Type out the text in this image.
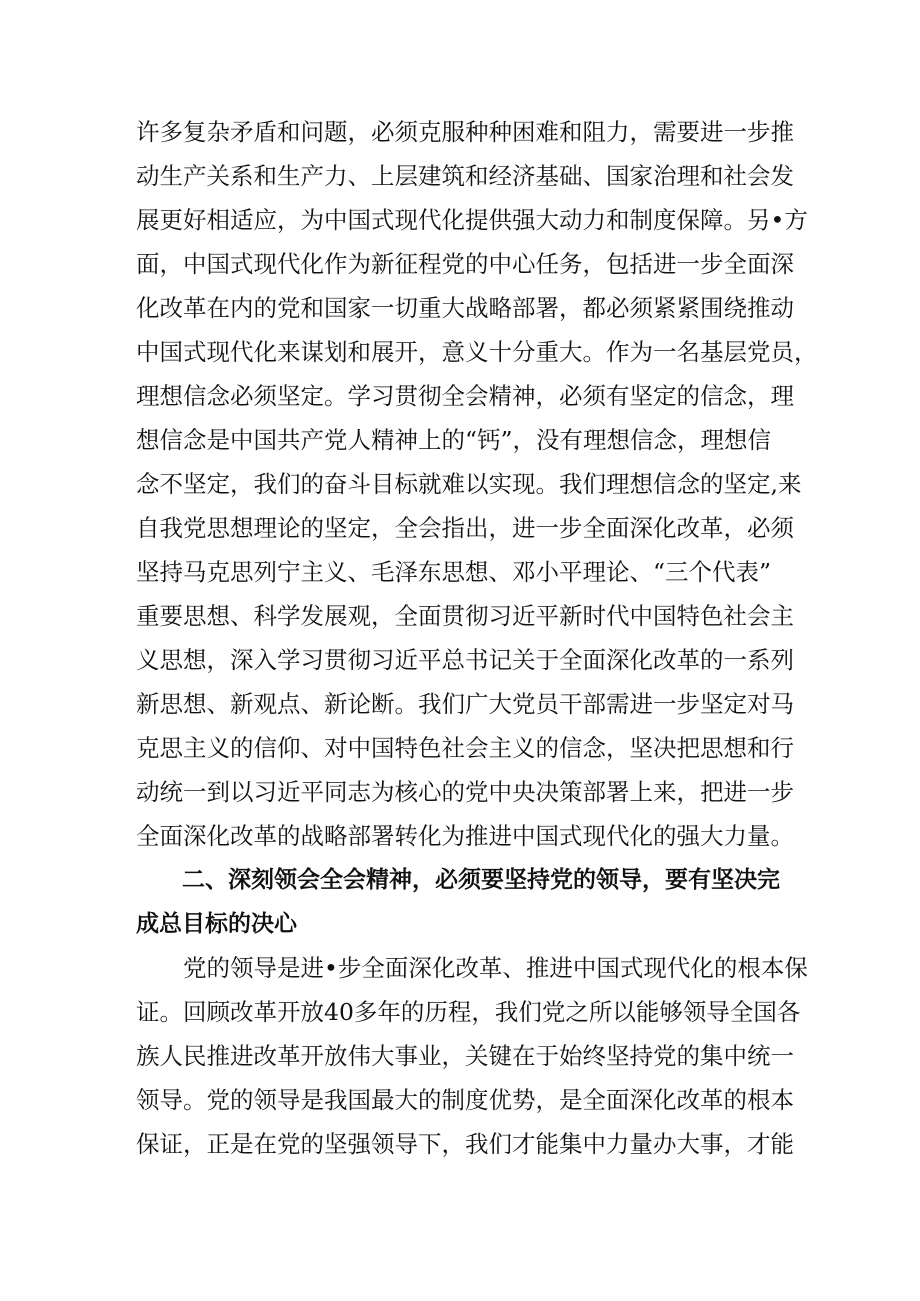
许多复杂矛盾和问题，必须克服种种困难和阻力，需要进一步推
动生产关系和生产力、上层建筑和经济基础、国家治理和社会发
展更好相适应，为中国式现代化提供强大动力和制度保障。另•方
面，中国式现代化作为新征程党的中心任务，包括进一步全面深
化改革在内的党和国家一切重大战略部署，都必须紧紧围绕推动
中国式现代化来谋划和展开，意义十分重大。作为一名基层党员，
理想信念必须坚定。学习贯彻全会精神，必须有坚定的信念，理
想信念是中国共产党人精神上的“钙”，没有理想信念，理想信
念不坚定，我们的奋斗目标就难以实现。我们理想信念的坚定,来
自我党思想理论的坚定，全会指出，进一步全面深化改革，必须
坚持马克思列宁主义、毛泽东思想、邓小平理论、“三个代表”
重要思想、科学发展观，全面贯彻习近平新时代中国特色社会主
义思想，深入学习贯彻习近平总书记关于全面深化改革的一系列
新思想、新观点、新论断。我们广大党员干部需进一步坚定对马
克思主义的信仰、对中国特色社会主义的信念，坚决把思想和行
动统一到以习近平同志为核心的党中央决策部署上来，把进一步
全面深化改革的战略部署转化为推进中国式现代化的强大力量。
　　二、深刻领会全会精神，必须要坚持党的领导，要有坚决完
成总目标的决心
　　党的领导是进•步全面深化改革、推进中国式现代化的根本保
证。回顾改革开放40多年的历程，我们党之所以能够领导全国各
族人民推进改革开放伟大事业，关键在于始终坚持党的集中统一
领导。党的领导是我国最大的制度优势，是全面深化改革的根本
保证，正是在党的坚强领导下，我们才能集中力量办大事，才能
